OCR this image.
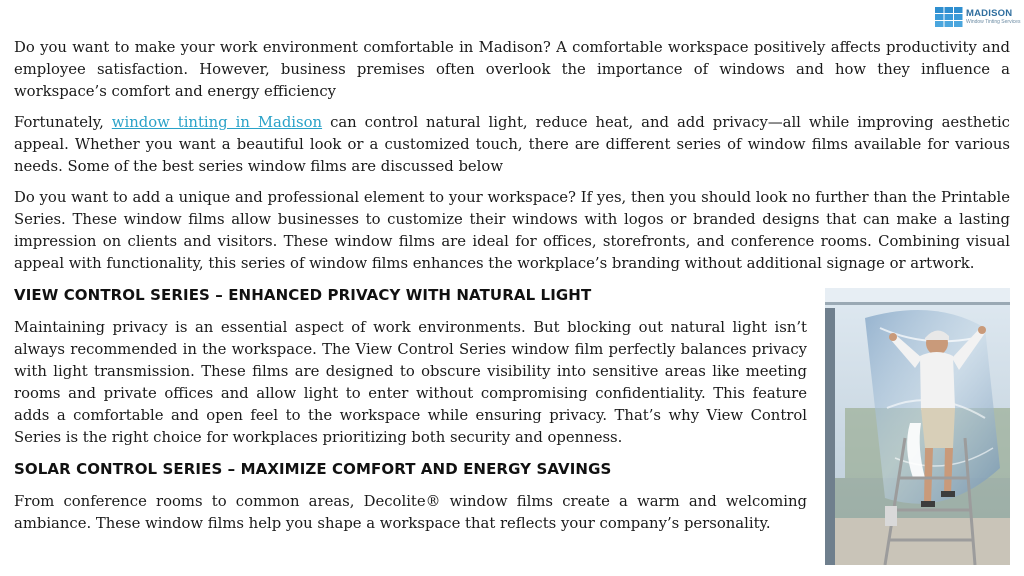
MADISON
Window Tinting Services

Do you want to make your work environment comfortable in Madison? A comfortable workspace positively affects productivity and employee satisfaction. However, business premises often overlook the importance of windows and how they influence a workspace’s comfort and energy efficiency

Fortunately, window tinting in Madison can control natural light, reduce heat, and add privacy—all while improving aesthetic appeal. Whether you want a beautiful look or a customized touch, there are different series of window films available for various needs. Some of the best series window films are discussed below

Do you want to add a unique and professional element to your workspace? If yes, then you should look no further than the Printable Series. These window films allow businesses to customize their windows with logos or branded designs that can make a lasting impression on clients and visitors. These window films are ideal for offices, storefronts, and conference rooms. Combining visual appeal with functionality, this series of window films enhances the workplace’s branding without additional signage or artwork.

VIEW CONTROL SERIES – ENHANCED PRIVACY WITH NATURAL LIGHT

Maintaining privacy is an essential aspect of work environments. But blocking out natural light isn’t always recommended in the workspace. The View Control Series window film perfectly balances privacy with light transmission. These films are designed to obscure visibility into sensitive areas like meeting rooms and private offices and allow light to enter without compromising confidentiality. This feature adds a comfortable and open feel to the workspace while ensuring privacy. That’s why View Control Series is the right choice for workplaces prioritizing both security and openness.

SOLAR CONTROL SERIES – MAXIMIZE COMFORT AND ENERGY SAVINGS

From conference rooms to common areas, Decolite® window films create a warm and welcoming ambiance. These window films help you shape a workspace that reflects your company’s personality.
